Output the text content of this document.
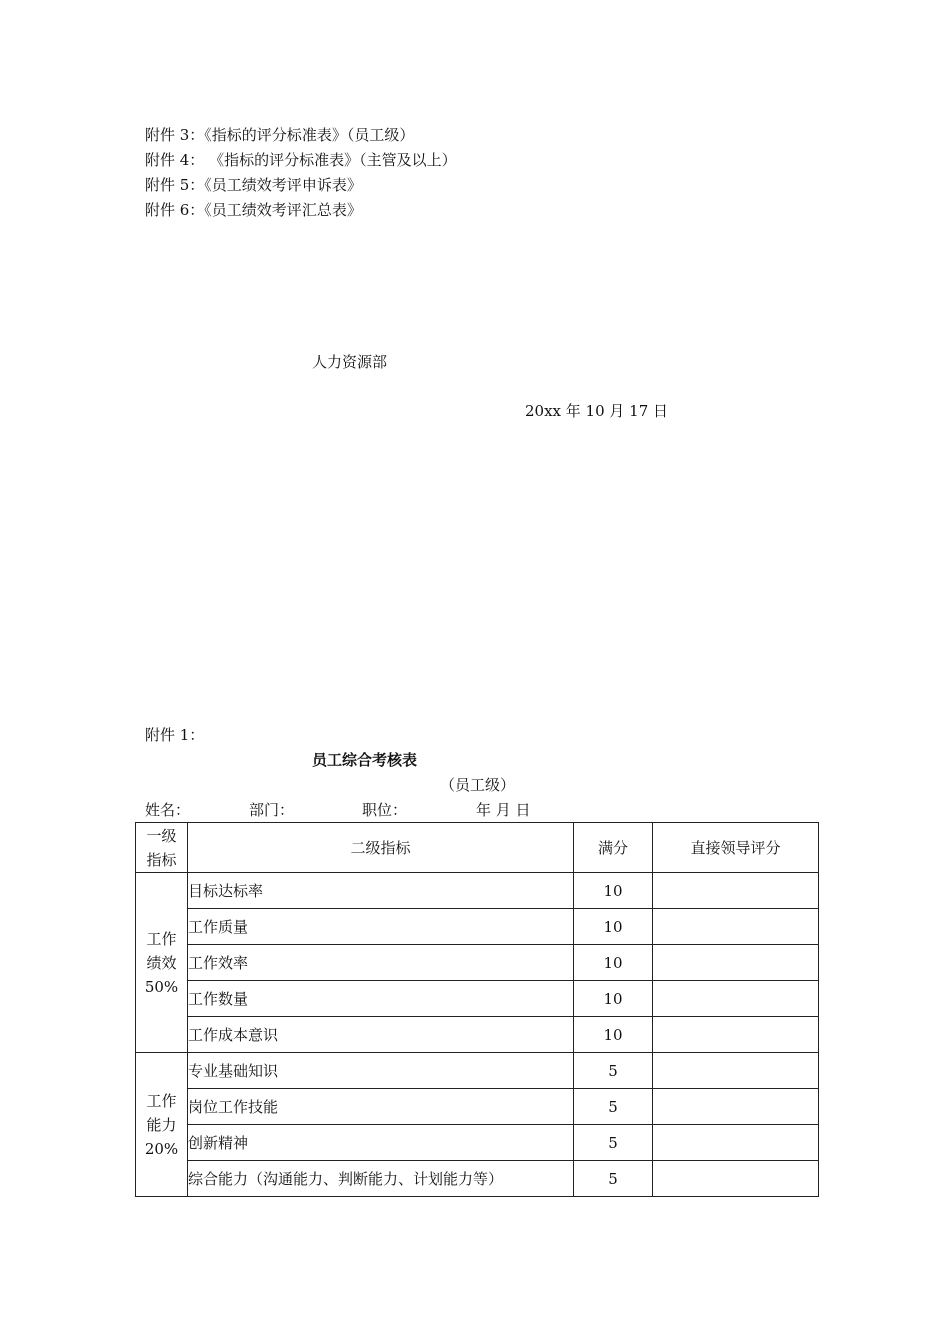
附件 3：《指标的评分标准表》（员工级）
附件 4： 《指标的评分标准表》（主管及以上）
附件 5：《员工绩效考评申诉表》
附件 6：《员工绩效考评汇总表》
人力资源部
20xx 年 10 月 17 日
附件 1：
员工综合考核表
（员工级）
姓名：	部门：	职位：	年 月 日
一级
指标	二级指标	满分	直接领导评分

工作
绩效
50%	目标达标率	10	
	工作质量	10	
	工作效率	10	
	工作数量	10	
	工作成本意识	10	

工作
能力
20%	专业基础知识	5	
	岗位工作技能	5	
	创新精神	5	
	综合能力（沟通能力、判断能力、计划能力等）	5	
